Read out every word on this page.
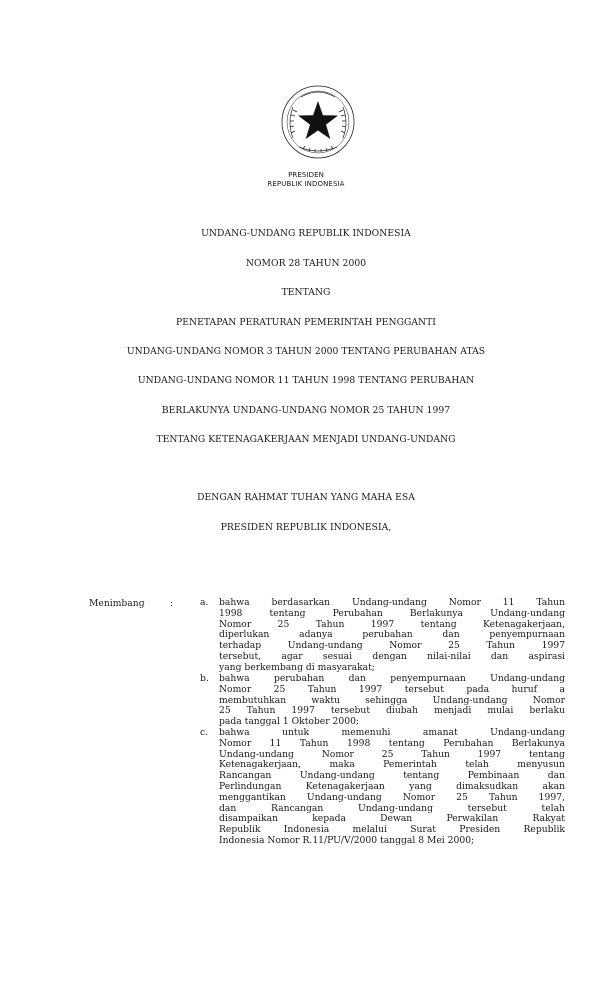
PRESIDEN
REPUBLIK INDONESIA
UNDANG-UNDANG REPUBLIK INDONESIA
NOMOR 28 TAHUN 2000
TENTANG
PENETAPAN PERATURAN PEMERINTAH PENGGANTI
UNDANG-UNDANG NOMOR 3 TAHUN 2000 TENTANG PERUBAHAN ATAS
UNDANG-UNDANG NOMOR 11 TAHUN 1998 TENTANG PERUBAHAN
BERLAKUNYA UNDANG-UNDANG NOMOR 25 TAHUN 1997
TENTANG KETENAGAKERJAAN MENJADI UNDANG-UNDANG
DENGAN RAHMAT TUHAN YANG MAHA ESA
PRESIDEN REPUBLIK INDONESIA,
Menimbang	:	a.	bahwa berdasarkan Undang-undang Nomor 11 Tahun
1998 tentang Perubahan Berlakunya Undang-undang
Nomor 25 Tahun 1997 tentang Ketenagakerjaan,
diperlukan adanya perubahan dan penyempurnaan
terhadap Undang-undang Nomor 25 Tahun 1997
tersebut, agar sesuai dengan nilai-nilai dan aspirasi
yang berkembang di masyarakat;
b.	bahwa perubahan dan penyempurnaan Undang-undang
Nomor 25 Tahun 1997 tersebut pada huruf a
membutuhkan waktu sehingga Undang-undang Nomor
25 Tahun 1997 tersebut diubah menjadi mulai berlaku
pada tanggal 1 Oktober 2000;
c.	bahwa untuk memenuhi amanat Undang-undang
Nomor 11 Tahun 1998 tentang Perubahan Berlakunya
Undang-undang Nomor 25 Tahun 1997 tentang
Ketenagakerjaan, maka Pemerintah telah menyusun
Rancangan Undang-undang tentang Pembinaan dan
Perlindungan Ketenagakerjaan yang dimaksudkan akan
menggantikan Undang-undang Nomor 25 Tahun 1997,
dan Rancangan Undang-undang tersebut telah
disampaikan kepada Dewan Perwakilan Rakyat
Republik Indonesia melalui Surat Presiden Republik
Indonesia Nomor R.11/PU/V/2000 tanggal 8 Mei 2000;
